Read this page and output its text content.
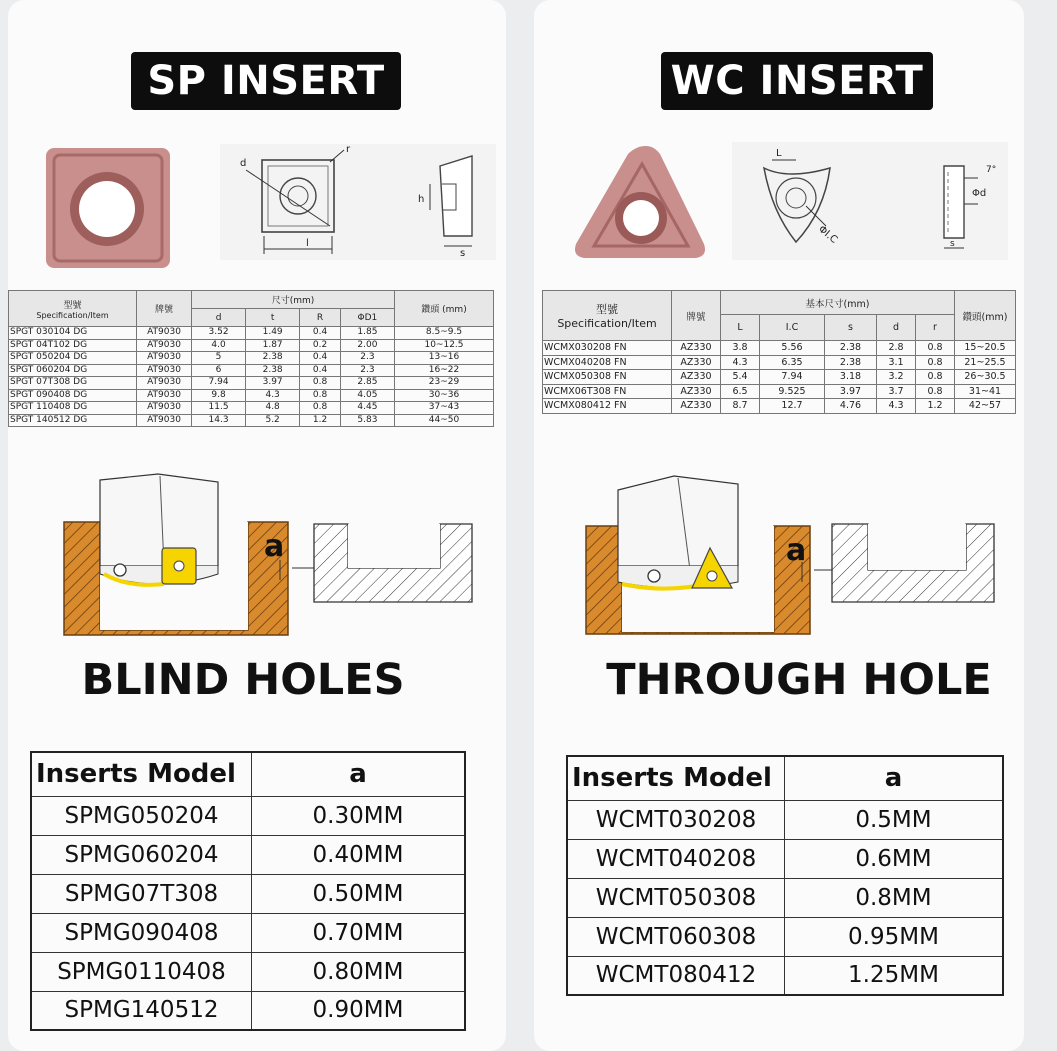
SP INSERT
d
r
l
h
s
型號
Specification/Item	牌號	尺寸(mm)				鑽頭 (mm)
		d	t	R	ΦD1	
SPGT 030104 DG	AT9030	3.52	1.49	0.4	1.85	8.5~9.5
SPGT 04T102 DG	AT9030	4.0	1.87	0.2	2.00	10~12.5
SPGT 050204 DG	AT9030	5	2.38	0.4	2.3	13~16
SPGT 060204 DG	AT9030	6	2.38	0.4	2.3	16~22
SPGT 07T308 DG	AT9030	7.94	3.97	0.8	2.85	23~29
SPGT 090408 DG	AT9030	9.8	4.3	0.8	4.05	30~36
SPGT 110408 DG	AT9030	11.5	4.8	0.8	4.45	37~43
SPGT 140512 DG	AT9030	14.3	5.2	1.2	5.83	44~50
a
BLIND HOLES
Inserts Model	a
SPMG050204	0.30MM
SPMG060204	0.40MM
SPMG07T308	0.50MM
SPMG090408	0.70MM
SPMG0110408	0.80MM
SPMG140512	0.90MM
WC INSERT
L
ΦI.C
Φd
7°
s
型號
Specification/Item	牌號	基本尺寸(mm)					鑽頭(mm)
		L	I.C	s	d	r	
WCMX030208 FN	AZ330	3.8	5.56	2.38	2.8	0.8	15~20.5
WCMX040208 FN	AZ330	4.3	6.35	2.38	3.1	0.8	21~25.5
WCMX050308 FN	AZ330	5.4	7.94	3.18	3.2	0.8	26~30.5
WCMX06T308 FN	AZ330	6.5	9.525	3.97	3.7	0.8	31~41
WCMX080412 FN	AZ330	8.7	12.7	4.76	4.3	1.2	42~57
a
THROUGH HOLE
Inserts Model	a
WCMT030208	0.5MM
WCMT040208	0.6MM
WCMT050308	0.8MM
WCMT060308	0.95MM
WCMT080412	1.25MM
